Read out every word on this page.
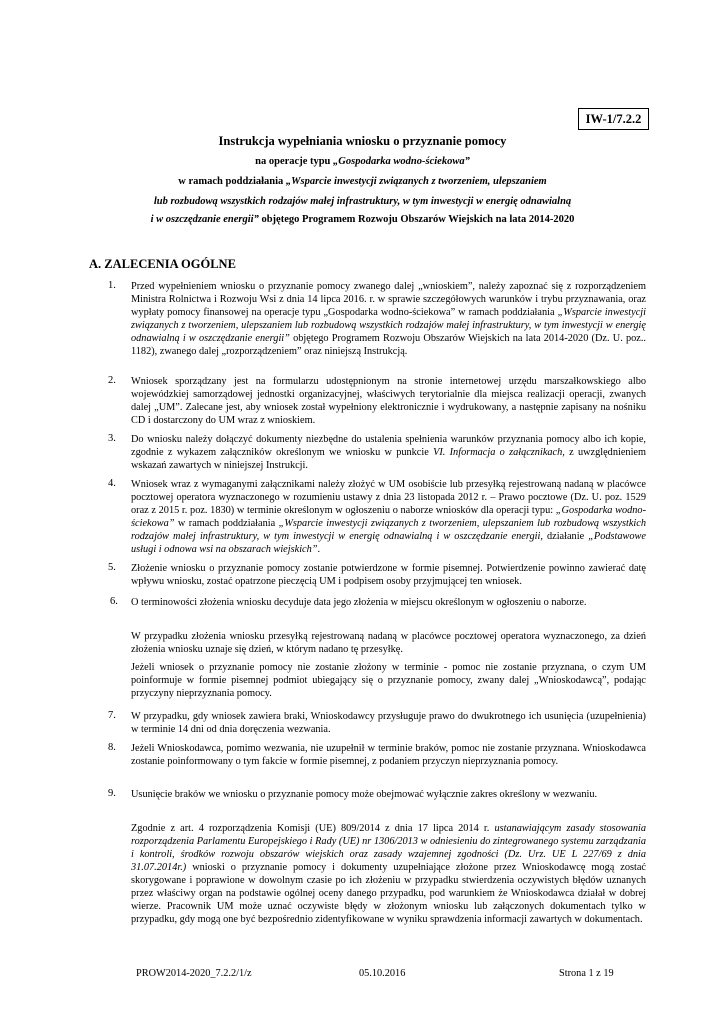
IW-1/7.2.2
Instrukcja wypełniania wniosku o przyznanie pomocy
na operacje typu „Gospodarka wodno-ściekowa”
w ramach poddziałania „Wsparcie inwestycji związanych z tworzeniem, ulepszaniem
lub rozbudową wszystkich rodzajów małej infrastruktury, w tym inwestycji w energię odnawialną
i w oszczędzanie energii” objętego Programem Rozwoju Obszarów Wiejskich na lata 2014-2020
A. ZALECENIA OGÓLNE
1.	Przed wypełnieniem wniosku o przyznanie pomocy zwanego dalej „wnioskiem”, należy zapoznać się z rozporządzeniem Ministra Rolnictwa i Rozwoju Wsi z dnia 14 lipca 2016. r. w sprawie szczegółowych warunków i trybu przyznawania, oraz wypłaty pomocy finansowej na operacje typu „Gospodarka wodno-ściekowa” w ramach poddziałania „Wsparcie inwestycji związanych z tworzeniem, ulepszaniem lub rozbudową wszystkich rodzajów małej infrastruktury, w tym inwestycji w energię odnawialną i w oszczędzanie energii” objętego Programem Rozwoju Obszarów Wiejskich na lata 2014-2020 (Dz. U. poz.. 1182), zwanego dalej „rozporządzeniem” oraz niniejszą Instrukcją.
2.	Wniosek sporządzany jest na formularzu udostępnionym na stronie internetowej urzędu marszałkowskiego albo wojewódzkiej samorządowej jednostki organizacyjnej, właściwych terytorialnie dla miejsca realizacji operacji, zwanych dalej „UM”. Zalecane jest, aby wniosek został wypełniony elektronicznie i wydrukowany, a następnie zapisany na nośniku CD i dostarczony do UM wraz z wnioskiem.
3.	Do wniosku należy dołączyć dokumenty niezbędne do ustalenia spełnienia warunków przyznania pomocy albo ich kopie, zgodnie z wykazem załączników określonym we wniosku w punkcie VI. Informacja o załącznikach, z uwzględnieniem wskazań zawartych w niniejszej Instrukcji.
4.	Wniosek wraz z wymaganymi załącznikami należy złożyć w UM osobiście lub przesyłką rejestrowaną nadaną w placówce pocztowej operatora wyznaczonego w rozumieniu ustawy z dnia 23 listopada 2012 r. – Prawo pocztowe (Dz. U. poz. 1529 oraz z 2015 r. poz. 1830) w terminie określonym w ogłoszeniu o naborze wniosków dla operacji typu: „Gospodarka wodno-ściekowa” w ramach poddziałania „Wsparcie inwestycji związanych z tworzeniem, ulepszaniem lub rozbudową wszystkich rodzajów małej infrastruktury, w tym inwestycji w energię odnawialną i w oszczędzanie energii, działanie „Podstawowe usługi i odnowa wsi na obszarach wiejskich”.
5.	Złożenie wniosku o przyznanie pomocy zostanie potwierdzone w formie pisemnej. Potwierdzenie powinno zawierać datę wpływu wniosku, zostać opatrzone pieczęcią UM i podpisem osoby przyjmującej ten wniosek.
6.	O terminowości złożenia wniosku decyduje data jego złożenia w miejscu określonym w ogłoszeniu o naborze.
W przypadku złożenia wniosku przesyłką rejestrowaną nadaną w placówce pocztowej operatora wyznaczonego, za dzień złożenia wniosku uznaje się dzień, w którym nadano tę przesyłkę.
Jeżeli wniosek o przyznanie pomocy nie zostanie złożony w terminie - pomoc nie zostanie przyznana, o czym UM poinformuje w formie pisemnej podmiot ubiegający się o przyznanie pomocy, zwany dalej „Wnioskodawcą”, podając przyczyny nieprzyznania pomocy.
7.	W przypadku, gdy wniosek zawiera braki, Wnioskodawcy przysługuje prawo do dwukrotnego ich usunięcia (uzupełnienia) w terminie 14 dni od dnia doręczenia wezwania.
8.	Jeżeli Wnioskodawca, pomimo wezwania, nie uzupełnił w terminie braków, pomoc nie zostanie przyznana. Wnioskodawca zostanie poinformowany o tym fakcie w formie pisemnej, z podaniem przyczyn nieprzyznania pomocy.
9.	Usunięcie braków we wniosku o przyznanie pomocy może obejmować wyłącznie zakres określony w wezwaniu.
Zgodnie z art. 4 rozporządzenia Komisji (UE) 809/2014 z dnia 17 lipca 2014 r. ustanawiającym zasady stosowania rozporządzenia Parlamentu Europejskiego i Rady (UE) nr 1306/2013 w odniesieniu do zintegrowanego systemu zarządzania i kontroli, środków rozwoju obszarów wiejskich oraz zasady wzajemnej zgodności (Dz. Urz. UE L 227/69 z dnia 31.07.2014r.) wnioski o przyznanie pomocy i dokumenty uzupełniające złożone przez Wnioskodawcę mogą zostać skorygowane i poprawione w dowolnym czasie po ich złożeniu w przypadku stwierdzenia oczywistych błędów uznanych przez właściwy organ na podstawie ogólnej oceny danego przypadku, pod warunkiem że Wnioskodawca działał w dobrej wierze. Pracownik UM może uznać oczywiste błędy w złożonym wniosku lub załączonych dokumentach tylko w przypadku, gdy mogą one być bezpośrednio zidentyfikowane w wyniku sprawdzenia informacji zawartych w dokumentach.
PROW2014-2020_7.2.2/1/z	05.10.2016	Strona 1 z 19
